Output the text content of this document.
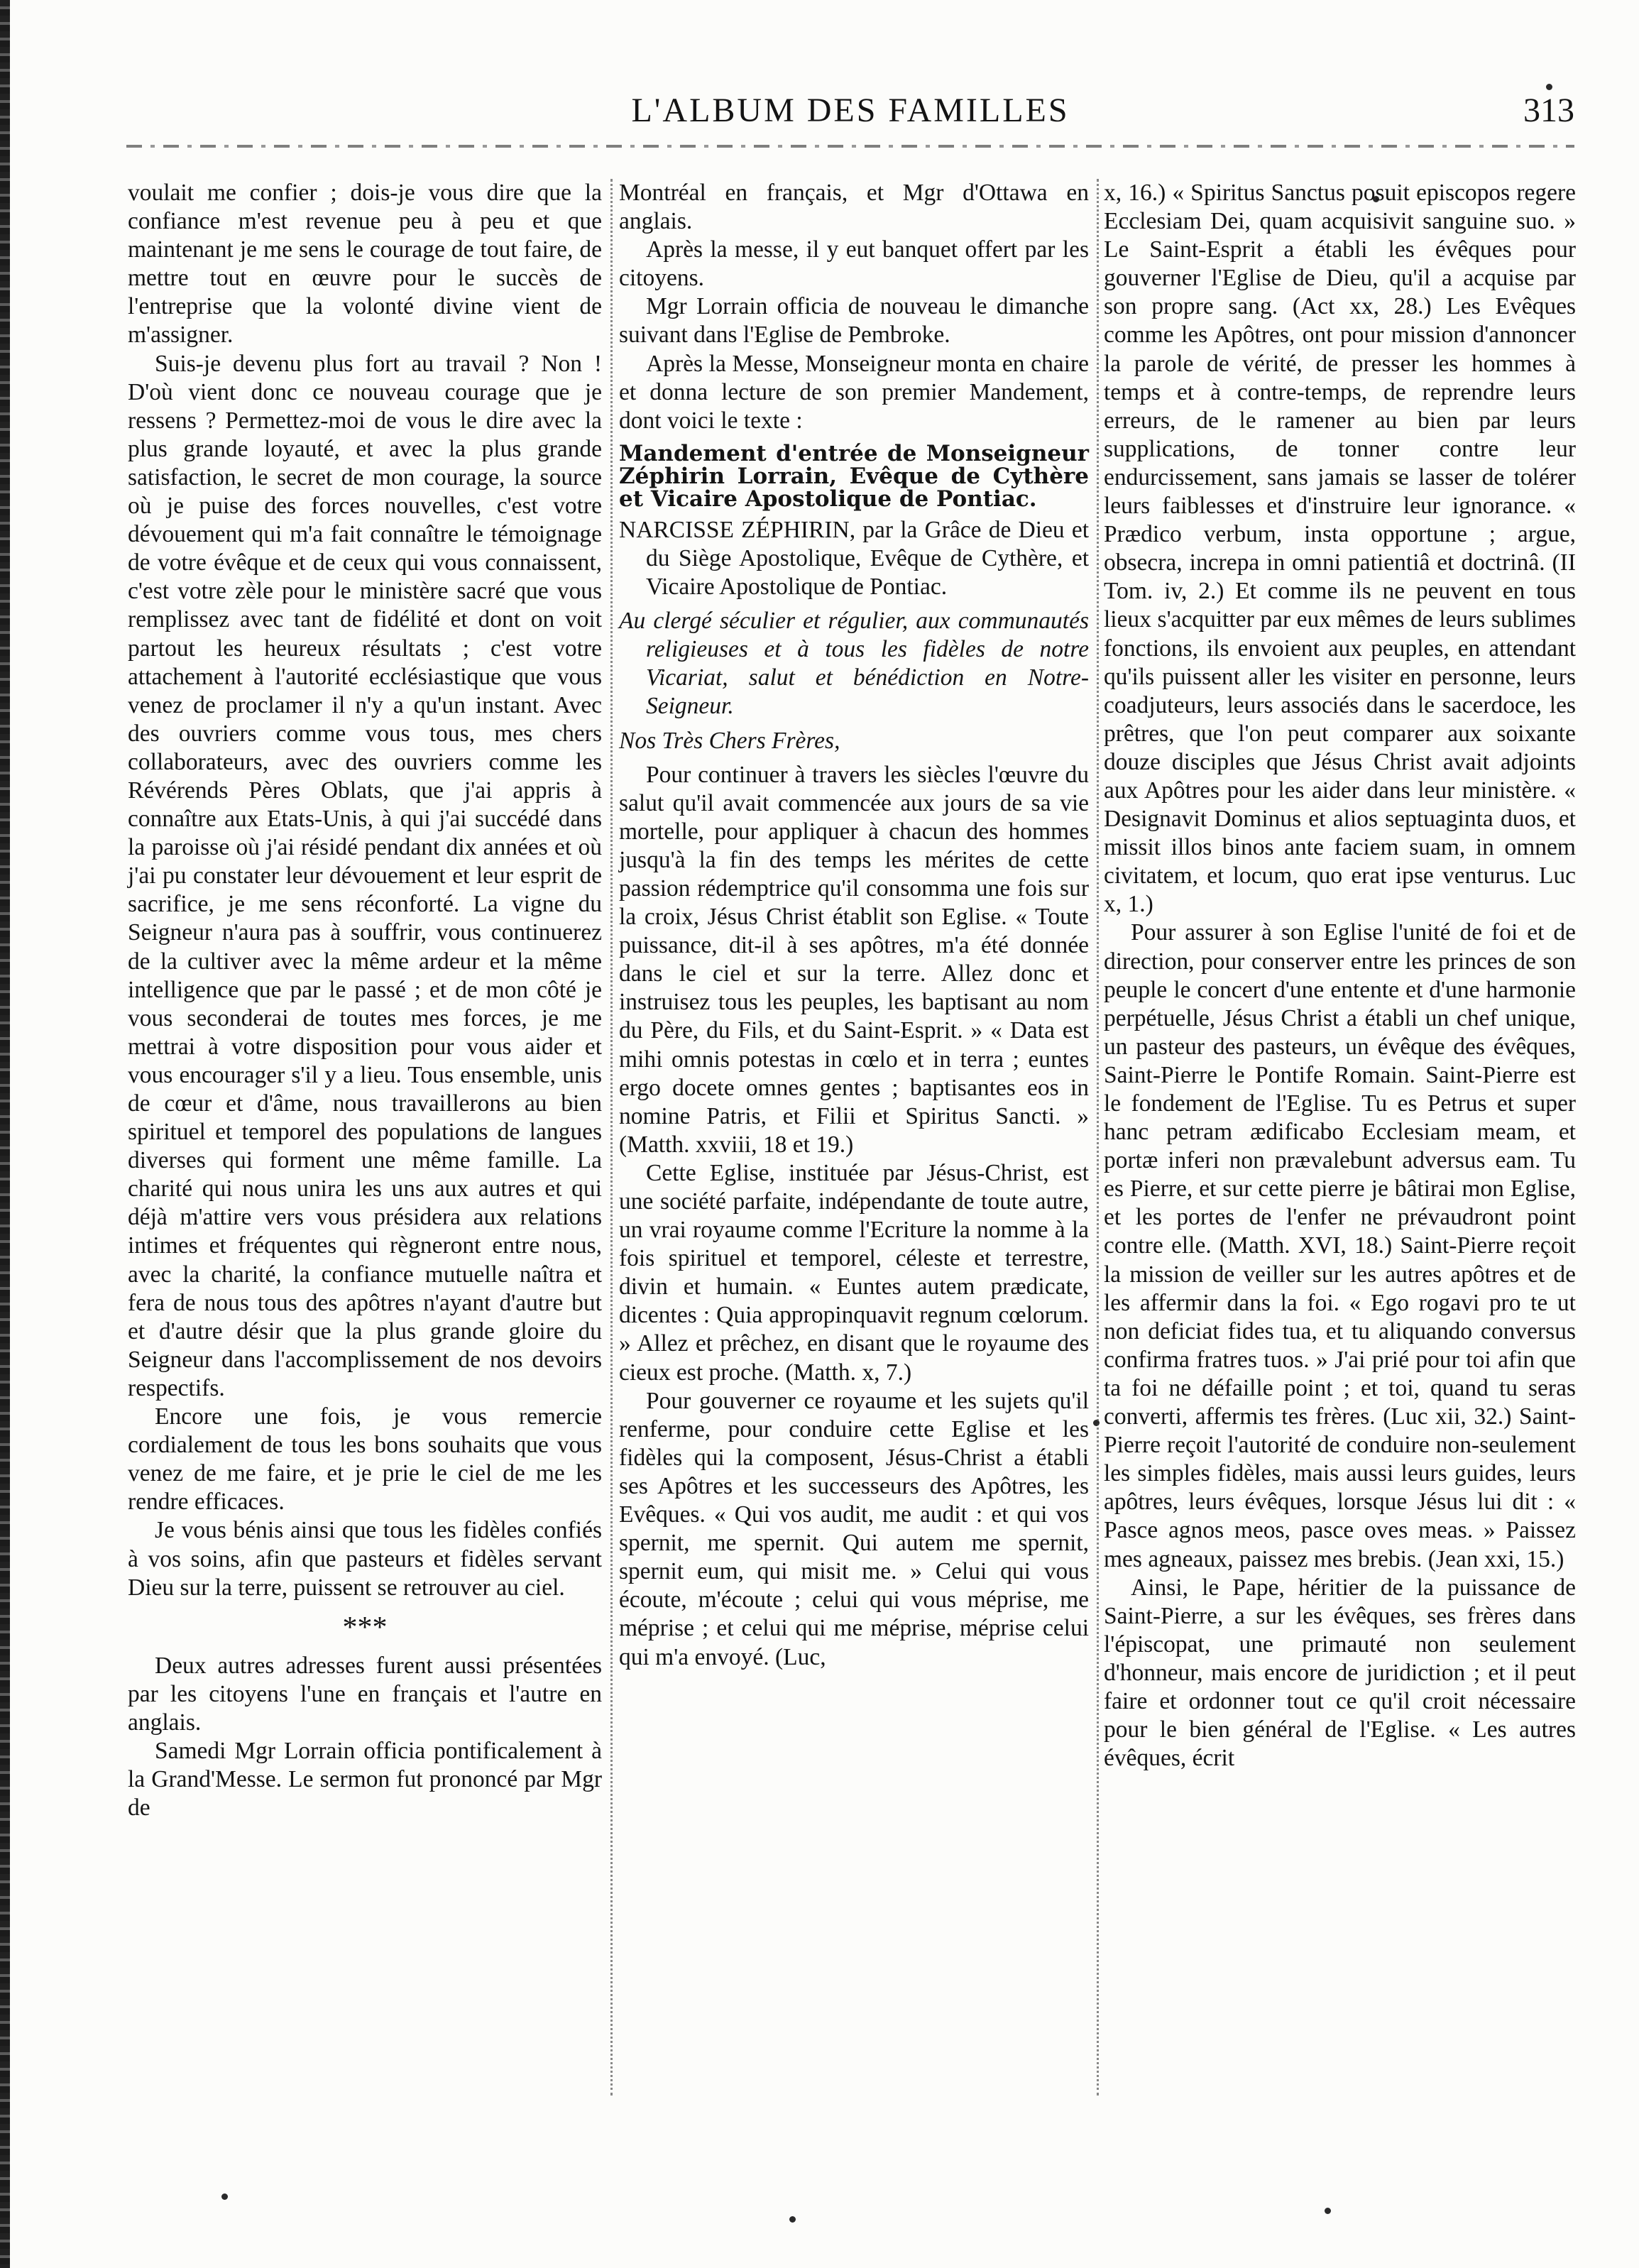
L'ALBUM DES FAMILLES	313

voulait me confier ; dois-je vous dire que la confiance m'est revenue peu à peu et que maintenant je me sens le courage de tout faire, de mettre tout en œuvre pour le succès de l'entreprise que la volonté divine vient de m'assigner.

Suis-je devenu plus fort au travail ? Non ! D'où vient donc ce nouveau courage que je ressens ? Permettez-moi de vous le dire avec la plus grande loyauté, et avec la plus grande satisfaction, le secret de mon courage, la source où je puise des forces nouvelles, c'est votre dévouement qui m'a fait connaître le témoignage de votre évêque et de ceux qui vous connaissent, c'est votre zèle pour le ministère sacré que vous remplissez avec tant de fidélité et dont on voit partout les heureux résultats ; c'est votre attachement à l'autorité ecclésiastique que vous venez de proclamer il n'y a qu'un instant. Avec des ouvriers comme vous tous, mes chers collaborateurs, avec des ouvriers comme les Révérends Pères Oblats, que j'ai appris à connaître aux Etats-Unis, à qui j'ai succédé dans la paroisse où j'ai résidé pendant dix années et où j'ai pu constater leur dévouement et leur esprit de sacrifice, je me sens réconforté. La vigne du Seigneur n'aura pas à souffrir, vous continuerez de la cultiver avec la même ardeur et la même intelligence que par le passé ; et de mon côté je vous seconderai de toutes mes forces, je me mettrai à votre disposition pour vous aider et vous encourager s'il y a lieu. Tous ensemble, unis de cœur et d'âme, nous travaillerons au bien spirituel et temporel des populations de langues diverses qui forment une même famille. La charité qui nous unira les uns aux autres et qui déjà m'attire vers vous présidera aux relations intimes et fréquentes qui règneront entre nous, avec la charité, la confiance mutuelle naîtra et fera de nous tous des apôtres n'ayant d'autre but et d'autre désir que la plus grande gloire du Seigneur dans l'accomplissement de nos devoirs respectifs.

Encore une fois, je vous remercie cordialement de tous les bons souhaits que vous venez de me faire, et je prie le ciel de me les rendre efficaces.

Je vous bénis ainsi que tous les fidèles confiés à vos soins, afin que pasteurs et fidèles servant Dieu sur la terre, puissent se retrouver au ciel.

***

Deux autres adresses furent aussi présentées par les citoyens l'une en français et l'autre en anglais.

Samedi Mgr Lorrain officia pontificalement à la Grand'Messe. Le sermon fut prononcé par Mgr de

Montréal en français, et Mgr d'Ottawa en anglais.

Après la messe, il y eut banquet offert par les citoyens.

Mgr Lorrain officia de nouveau le dimanche suivant dans l'Eglise de Pembroke.

Après la Messe, Monseigneur monta en chaire et donna lecture de son premier Mandement, dont voici le texte :

Mandement d'entrée de Monseigneur Zéphirin Lorrain, Evêque de Cythère et Vicaire Apostolique de Pontiac.

NARCISSE ZÉPHIRIN, par la Grâce de Dieu et du Siège Apostolique, Evêque de Cythère, et Vicaire Apostolique de Pontiac.

Au clergé séculier et régulier, aux communautés religieuses et à tous les fidèles de notre Vicariat, salut et bénédiction en Notre-Seigneur.

Nos Très Chers Frères,

Pour continuer à travers les siècles l'œuvre du salut qu'il avait commencée aux jours de sa vie mortelle, pour appliquer à chacun des hommes jusqu'à la fin des temps les mérites de cette passion rédemptrice qu'il consomma une fois sur la croix, Jésus Christ établit son Eglise. « Toute puissance, dit-il à ses apôtres, m'a été donnée dans le ciel et sur la terre. Allez donc et instruisez tous les peuples, les baptisant au nom du Père, du Fils, et du Saint-Esprit. » « Data est mihi omnis potestas in cœlo et in terra ; euntes ergo docete omnes gentes ; baptisantes eos in nomine Patris, et Filii et Spiritus Sancti. » (Matth. xxviii, 18 et 19.)

Cette Eglise, instituée par Jésus-Christ, est une société parfaite, indépendante de toute autre, un vrai royaume comme l'Ecriture la nomme à la fois spirituel et temporel, céleste et terrestre, divin et humain. « Euntes autem prædicate, dicentes : Quia appropinquavit regnum cœlorum. » Allez et prêchez, en disant que le royaume des cieux est proche. (Matth. x, 7.)

Pour gouverner ce royaume et les sujets qu'il renferme, pour conduire cette Eglise et les fidèles qui la composent, Jésus-Christ a établi ses Apôtres et les successeurs des Apôtres, les Evêques. « Qui vos audit, me audit : et qui vos spernit, me spernit. Qui autem me spernit, spernit eum, qui misit me. » Celui qui vous écoute, m'écoute ; celui qui vous méprise, me méprise ; et celui qui me méprise, méprise celui qui m'a envoyé. (Luc,

x, 16.) « Spiritus Sanctus posuit episcopos regere Ecclesiam Dei, quam acquisivit sanguine suo. » Le Saint-Esprit a établi les évêques pour gouverner l'Eglise de Dieu, qu'il a acquise par son propre sang. (Act xx, 28.) Les Evêques comme les Apôtres, ont pour mission d'annoncer la parole de vérité, de presser les hommes à temps et à contre-temps, de reprendre leurs erreurs, de le ramener au bien par leurs supplications, de tonner contre leur endurcissement, sans jamais se lasser de tolérer leurs faiblesses et d'instruire leur ignorance. « Prædico verbum, insta opportune ; argue, obsecra, increpa in omni patientiâ et doctrinâ. (II Tom. iv, 2.) Et comme ils ne peuvent en tous lieux s'acquitter par eux mêmes de leurs sublimes fonctions, ils envoient aux peuples, en attendant qu'ils puissent aller les visiter en personne, leurs coadjuteurs, leurs associés dans le sacerdoce, les prêtres, que l'on peut comparer aux soixante douze disciples que Jésus Christ avait adjoints aux Apôtres pour les aider dans leur ministère. « Designavit Dominus et alios septuaginta duos, et missit illos binos ante faciem suam, in omnem civitatem, et locum, quo erat ipse venturus. Luc x, 1.)

Pour assurer à son Eglise l'unité de foi et de direction, pour conserver entre les princes de son peuple le concert d'une entente et d'une harmonie perpétuelle, Jésus Christ a établi un chef unique, un pasteur des pasteurs, un évêque des évêques, Saint-Pierre le Pontife Romain. Saint-Pierre est le fondement de l'Eglise. Tu es Petrus et super hanc petram ædificabo Ecclesiam meam, et portæ inferi non prævalebunt adversus eam. Tu es Pierre, et sur cette pierre je bâtirai mon Eglise, et les portes de l'enfer ne prévaudront point contre elle. (Matth. XVI, 18.) Saint-Pierre reçoit la mission de veiller sur les autres apôtres et de les affermir dans la foi. « Ego rogavi pro te ut non deficiat fides tua, et tu aliquando conversus confirma fratres tuos. » J'ai prié pour toi afin que ta foi ne défaille point ; et toi, quand tu seras converti, affermis tes frères. (Luc xii, 32.) Saint-Pierre reçoit l'autorité de conduire non-seulement les simples fidèles, mais aussi leurs guides, leurs apôtres, leurs évêques, lorsque Jésus lui dit : « Pasce agnos meos, pasce oves meas. » Paissez mes agneaux, paissez mes brebis. (Jean xxi, 15.)

Ainsi, le Pape, héritier de la puissance de Saint-Pierre, a sur les évêques, ses frères dans l'épiscopat, une primauté non seulement d'honneur, mais encore de juridiction ; et il peut faire et ordonner tout ce qu'il croit nécessaire pour le bien général de l'Eglise. « Les autres évêques, écrit
